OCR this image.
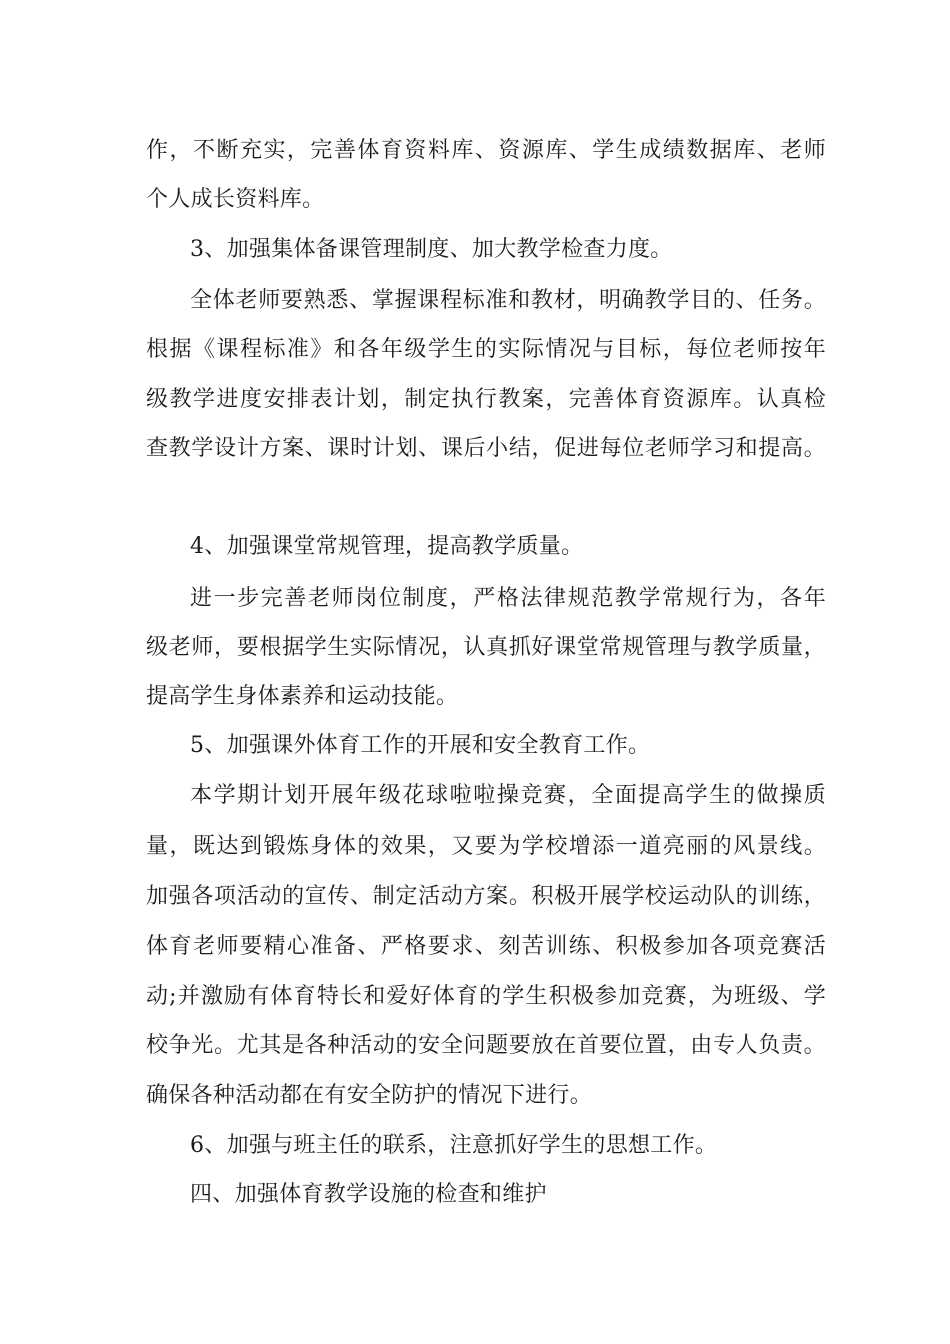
作，不断充实，完善体育资料库、资源库、学生成绩数据库、老师
个人成长资料库。
3、加强集体备课管理制度、加大教学检查力度。
全体老师要熟悉、掌握课程标准和教材，明确教学目的、任务。
根据《课程标准》和各年级学生的实际情况与目标，每位老师按年
级教学进度安排表计划，制定执行教案，完善体育资源库。认真检
查教学设计方案、课时计划、课后小结，促进每位老师学习和提高。
4、加强课堂常规管理，提高教学质量。
进一步完善老师岗位制度，严格法律规范教学常规行为，各年
级老师，要根据学生实际情况，认真抓好课堂常规管理与教学质量，
提高学生身体素养和运动技能。
5、加强课外体育工作的开展和安全教育工作。
本学期计划开展年级花球啦啦操竞赛，全面提高学生的做操质
量，既达到锻炼身体的效果，又要为学校增添一道亮丽的风景线。
加强各项活动的宣传、制定活动方案。积极开展学校运动队的训练，
体育老师要精心准备、严格要求、刻苦训练、积极参加各项竞赛活
动;并激励有体育特长和爱好体育的学生积极参加竞赛，为班级、学
校争光。尤其是各种活动的安全问题要放在首要位置，由专人负责。
确保各种活动都在有安全防护的情况下进行。
6、加强与班主任的联系，注意抓好学生的思想工作。
四、加强体育教学设施的检查和维护
